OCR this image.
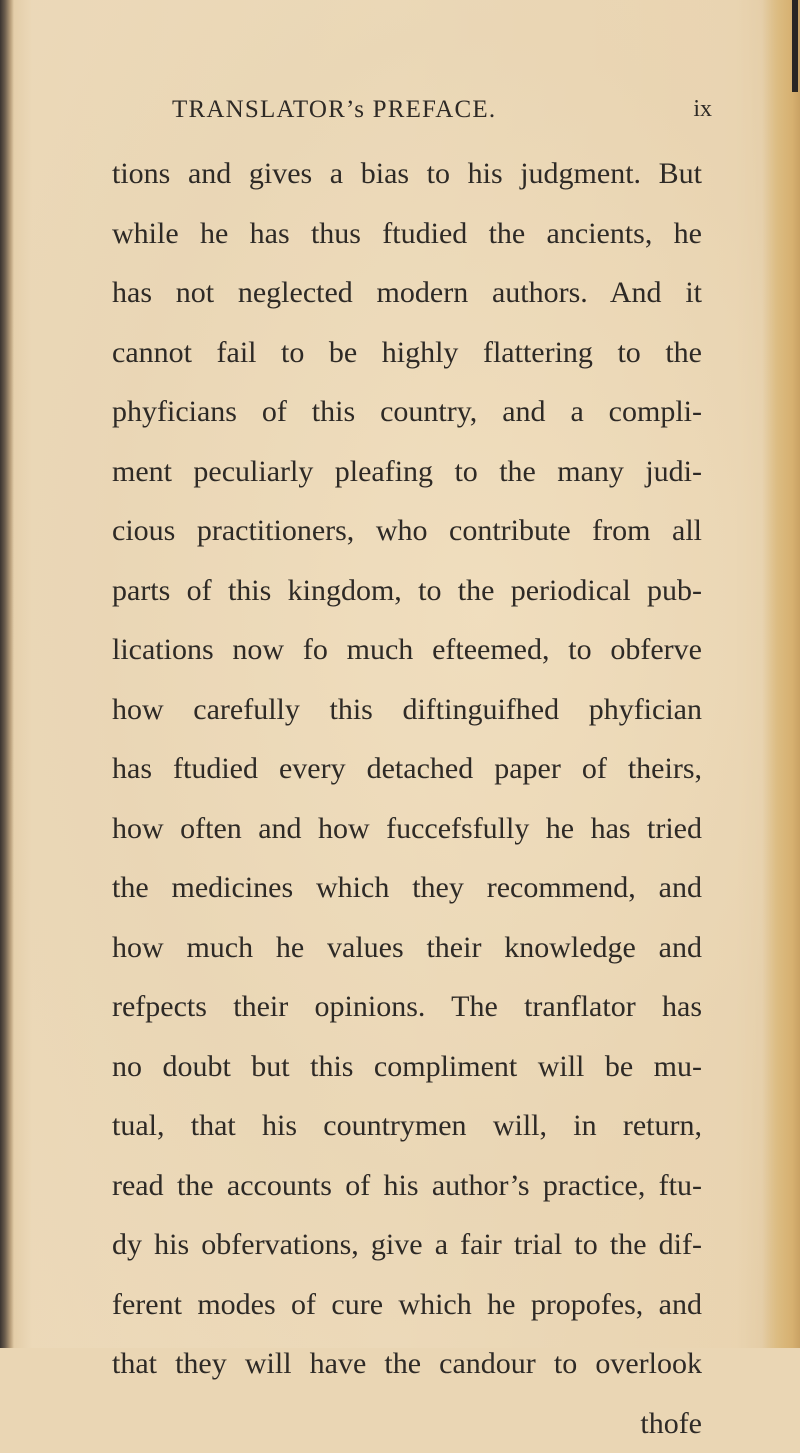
TRANSLATOR’s PREFACE.	ix
tions and gives a bias to his judgment. But
while he has thus ftudied the ancients, he
has not neglected modern authors. And it
cannot fail to be highly flattering to the
phyficians of this country, and a compli-
ment peculiarly pleafing to the many judi-
cious practitioners, who contribute from all
parts of this kingdom, to the periodical pub-
lications now fo much efteemed, to obferve
how carefully this diftinguifhed phyfician
has ftudied every detached paper of theirs,
how often and how fuccefsfully he has tried
the medicines which they recommend, and
how much he values their knowledge and
refpects their opinions. The tranflator has
no doubt but this compliment will be mu-
tual, that his countrymen will, in return,
read the accounts of his author’s practice, ftu-
dy his obfervations, give a fair trial to the dif-
ferent modes of cure which he propofes, and
that they will have the candour to overlook
thofe
